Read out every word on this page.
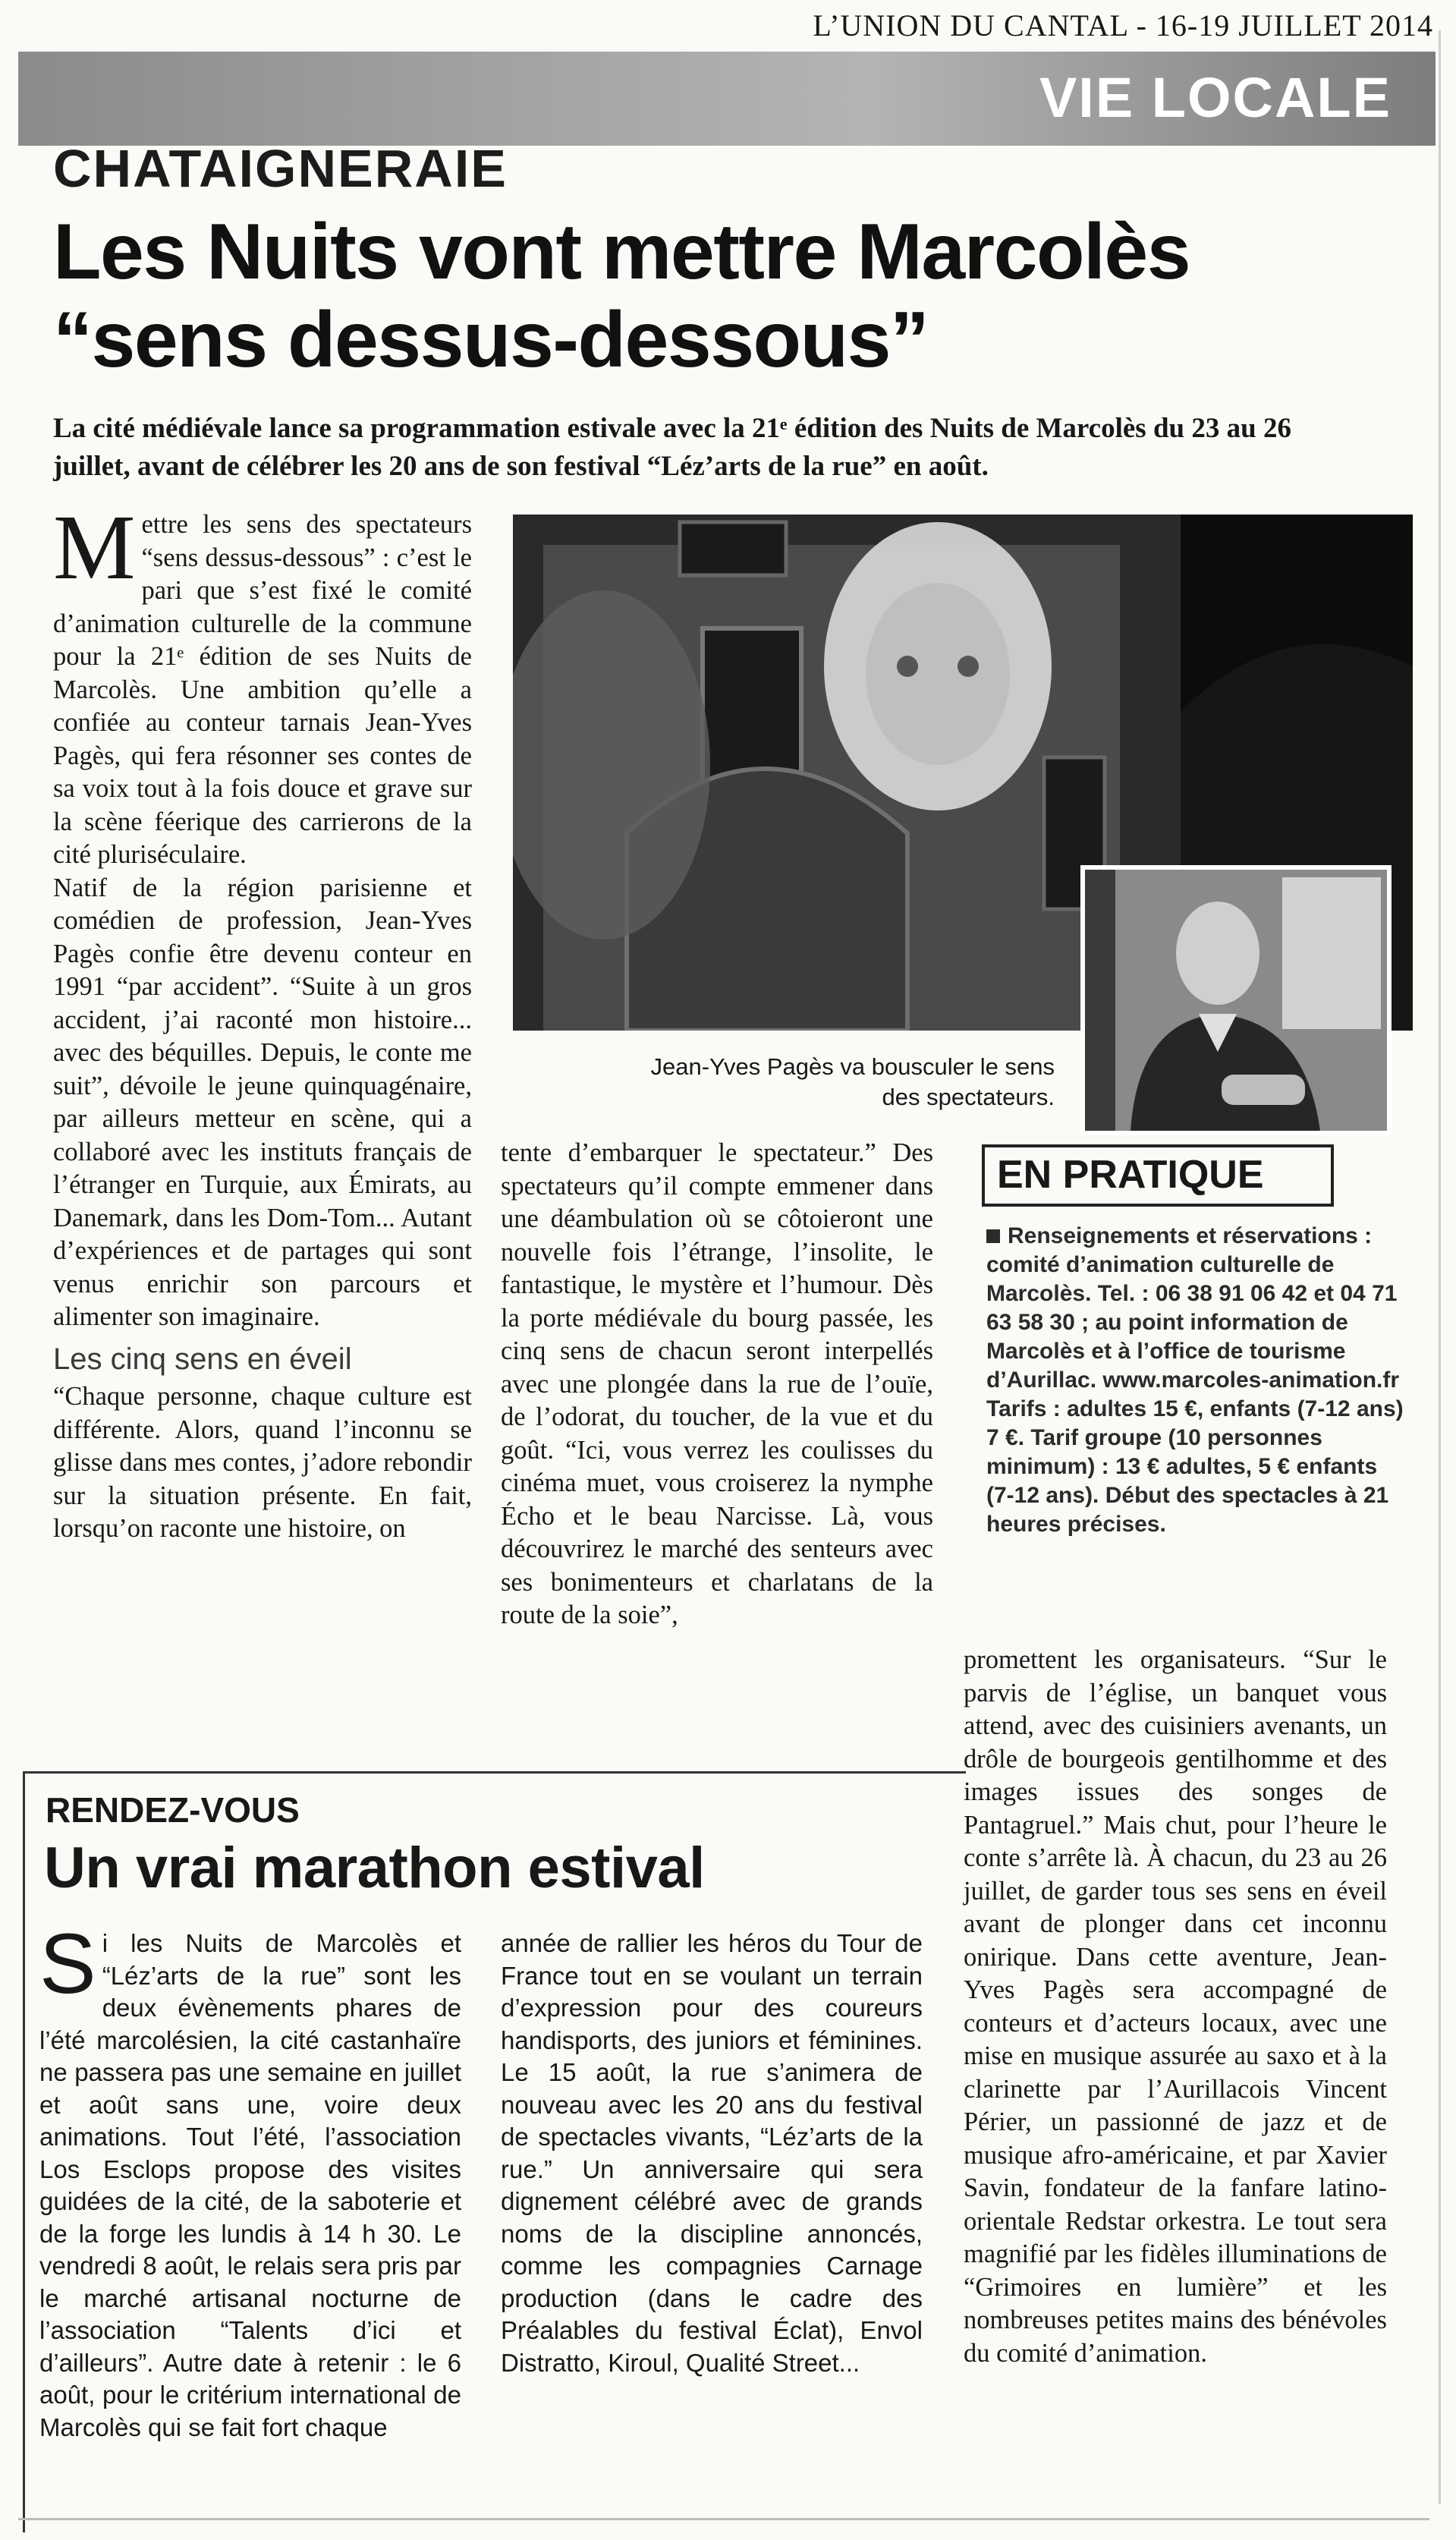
L’UNION DU CANTAL - 16-19 JUILLET 2014
VIE LOCALE
CHATAIGNERAIE
Les Nuits vont mettre Marcolès
“sens dessus-dessous”
La cité médiévale lance sa programmation estivale avec la 21ᵉ édition des Nuits de Marcolès du 23 au 26 juillet, avant de célébrer les 20 ans de son festival “Léz’arts de la rue” en août.

Mettre les sens des spectateurs “sens dessus-dessous” : c’est le pari que s’est fixé le comité d’animation culturelle de la commune pour la 21ᵉ édition de ses Nuits de Marcolès. Une ambition qu’elle a confiée au conteur tarnais Jean-Yves Pagès, qui fera résonner ses contes de sa voix tout à la fois douce et grave sur la scène féerique des carrierons de la cité pluriséculaire.

Natif de la région parisienne et comédien de profession, Jean-Yves Pagès confie être devenu conteur en 1991 “par accident”. “Suite à un gros accident, j’ai raconté mon histoire... avec des béquilles. Depuis, le conte me suit”, dévoile le jeune quinquagénaire, par ailleurs metteur en scène, qui a collaboré avec les instituts français de l’étranger en Turquie, aux Émirats, au Danemark, dans les Dom-Tom... Autant d’expériences et de partages qui sont venus enrichir son parcours et alimenter son imaginaire.

Les cinq sens en éveil

“Chaque personne, chaque culture est différente. Alors, quand l’inconnu se glisse dans mes contes, j’adore rebondir sur la situation présente. En fait, lorsqu’on raconte une histoire, on

Jean-Yves Pagès va bousculer le sens des spectateurs.

tente d’embarquer le spectateur.” Des spectateurs qu’il compte emmener dans une déambulation où se côtoieront une nouvelle fois l’étrange, l’insolite, le fantastique, le mystère et l’humour. Dès la porte médiévale du bourg passée, les cinq sens de chacun seront interpellés avec une plongée dans la rue de l’ouïe, de l’odorat, du toucher, de la vue et du goût. “Ici, vous verrez les coulisses du cinéma muet, vous croiserez la nymphe Écho et le beau Narcisse. Là, vous découvrirez le marché des senteurs avec ses bonimenteurs et charlatans de la route de la soie”,

EN PRATIQUE
Renseignements et réservations : comité d’animation culturelle de Marcolès. Tel. : 06 38 91 06 42 et 04 71 63 58 30 ; au point information de Marcolès et à l’office de tourisme d’Aurillac. www.marcoles-animation.fr Tarifs : adultes 15 €, enfants (7-12 ans) 7 €. Tarif groupe (10 personnes minimum) : 13 € adultes, 5 € enfants (7-12 ans). Début des spectacles à 21 heures précises.

promettent les organisateurs. “Sur le parvis de l’église, un banquet vous attend, avec des cuisiniers avenants, un drôle de bourgeois gentilhomme et des images issues des songes de Pantagruel.” Mais chut, pour l’heure le conte s’arrête là. À chacun, du 23 au 26 juillet, de garder tous ses sens en éveil avant de plonger dans cet inconnu onirique. Dans cette aventure, Jean-Yves Pagès sera accompagné de conteurs et d’acteurs locaux, avec une mise en musique assurée au saxo et à la clarinette par l’Aurillacois Vincent Périer, un passionné de jazz et de musique afro-américaine, et par Xavier Savin, fondateur de la fanfare latino-orientale Redstar orkestra. Le tout sera magnifié par les fidèles illuminations de “Grimoires en lumière” et les nombreuses petites mains des bénévoles du comité d’animation.

RENDEZ-VOUS
Un vrai marathon estival

Si les Nuits de Marcolès et “Léz’arts de la rue” sont les deux évènements phares de l’été marcolésien, la cité castanhaïre ne passera pas une semaine en juillet et août sans une, voire deux animations. Tout l’été, l’association Los Esclops propose des visites guidées de la cité, de la saboterie et de la forge les lundis à 14 h 30. Le vendredi 8 août, le relais sera pris par le marché artisanal nocturne de l’association “Talents d’ici et d’ailleurs”. Autre date à retenir : le 6 août, pour le critérium international de Marcolès qui se fait fort chaque

année de rallier les héros du Tour de France tout en se voulant un terrain d’expression pour des coureurs handisports, des juniors et féminines. Le 15 août, la rue s’animera de nouveau avec les 20 ans du festival de spectacles vivants, “Léz’arts de la rue.” Un anniversaire qui sera dignement célébré avec de grands noms de la discipline annoncés, comme les compagnies Carnage production (dans le cadre des Préalables du festival Éclat), Envol Distratto, Kiroul, Qualité Street...
